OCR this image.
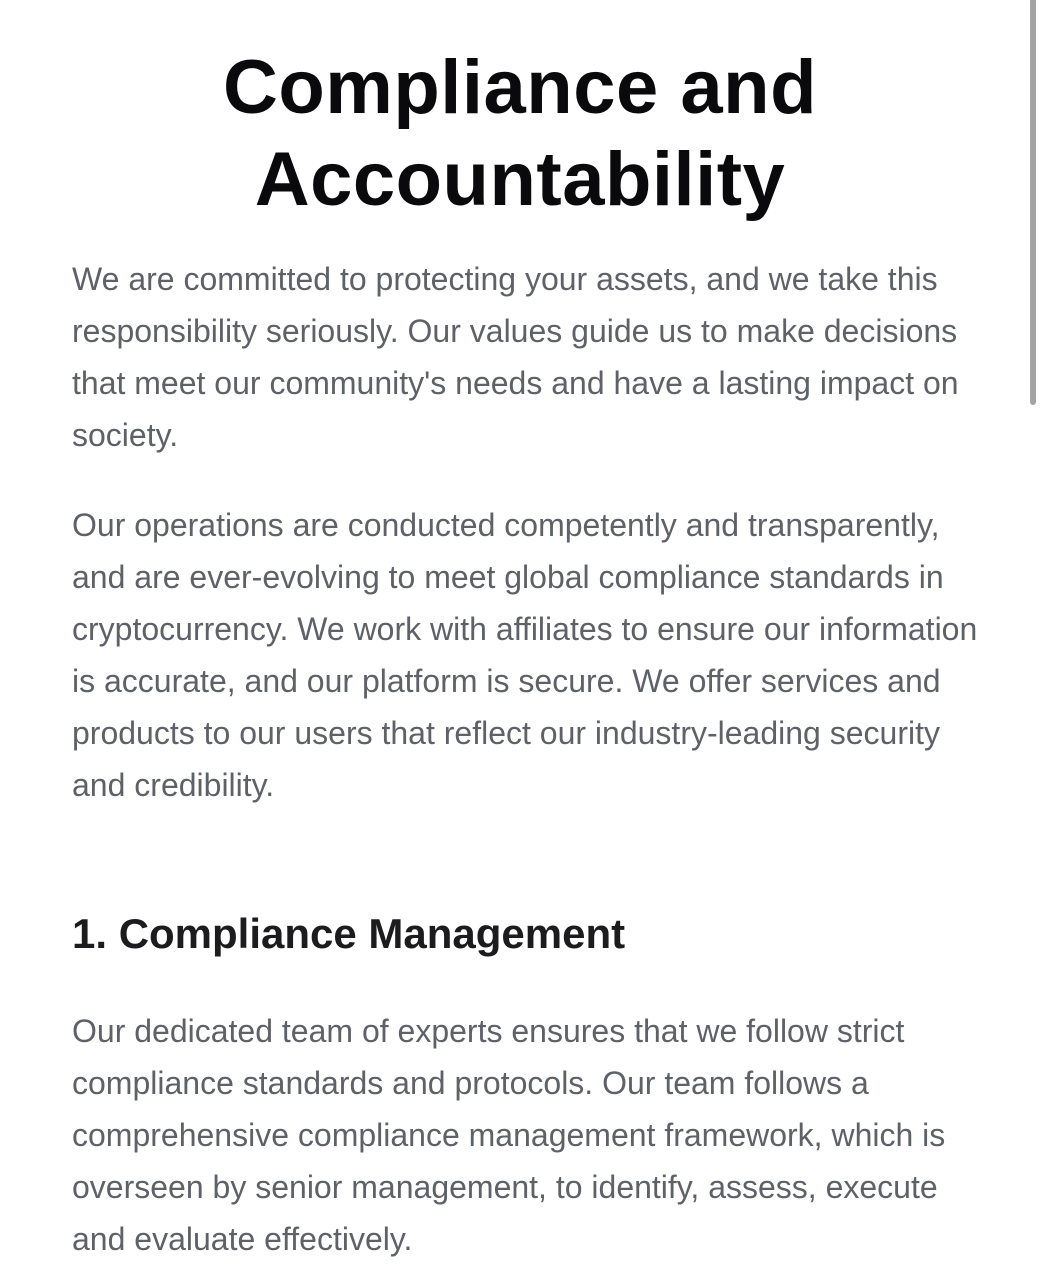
Compliance and
Accountability

We are committed to protecting your assets, and we take this responsibility seriously. Our values guide us to make decisions that meet our community's needs and have a lasting impact on society.

Our operations are conducted competently and transparently, and are ever-evolving to meet global compliance standards in cryptocurrency. We work with affiliates to ensure our information is accurate, and our platform is secure. We offer services and products to our users that reflect our industry-leading security and credibility.

1. Compliance Management

Our dedicated team of experts ensures that we follow strict compliance standards and protocols. Our team follows a comprehensive compliance management framework, which is overseen by senior management, to identify, assess, execute and evaluate effectively.
